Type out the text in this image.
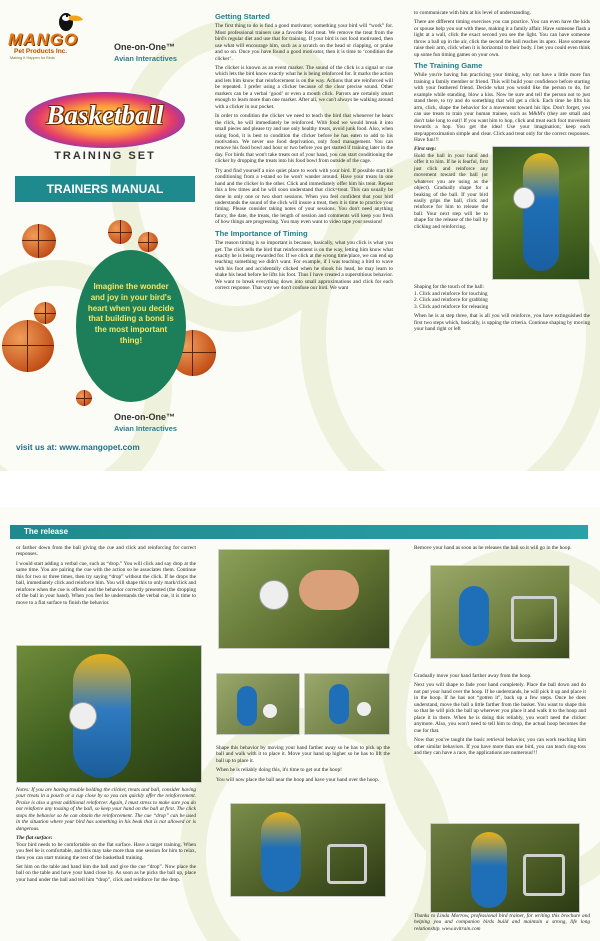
MANGO
Pet Products Inc.
Making It Happen for Birds
One-on-One™
Avian Interactives
Basketball
TRAINING SET
TRAINERS MANUAL
Imagine the wonder and joy in your bird's heart when you decide that building a bond is the most important thing!
One-on-One™
Avian Interactives
visit us at: www.mangopet.com
Getting Started

The first thing to do is find a good motivator; something your bird will “work” for. Most professional trainers use a favorite food treat. We remove the treat from the bird's regular diet and use that for training. If your bird is not food motivated, then use what will encourage him, such as a scratch on the head or clapping, or praise and so on. Once you have found a good motivator, then it is time to ‘condition the clicker’.

The clicker is known as an event marker. The sound of the click is a signal or cue which lets the bird know exactly what he is being reinforced for. It marks the action and lets him know that reinforcement is on the way. Actions that are reinforced will be repeated. I prefer using a clicker because of the clear precise sound. Other markers can be a verbal ‘good’ or even a mouth click. Parrots are certainly smart enough to learn more than one marker. After all, we can't always be walking around with a clicker in our pocket.

In order to condition the clicker we need to teach the bird that whenever he hears the click, he will immediately be reinforced. With food we would break it into small pieces and please try and use only healthy treats, avoid junk food. Also, when using food, it is best to condition the clicker before he has eaten to add to his motivation. We never use food deprivation, only food management. You can remove his food bowl and hour or two before you get started if training later in the day. For birds that won't take treats out of your hand, you can start conditioning the clicker by dropping the treats into his food bowl from outside of the cage.

Try and find yourself a nice quiet place to work with your bird. If possible start his conditioning from a t-stand so he won't wander around. Have your treats in one hand and the clicker in the other. Click and immediately offer him his treat. Repeat this a few times and he will soon understand that click=treat. This can usually be done in only one or two short sessions. When you feel confident that your bird understands the sound of the click will insure a treat, then it is time to practice your timing. Please consider taking notes of your sessions. You don't need anything fancy, the date, the treats, the length of session and comments will keep you fresh of how things are progressing. You may even want to video tape your sessions!

The Importance of Timing

The reason timing is so important is because, basically, what you click is what you get. The click tells the bird that reinforcement is on the way, letting him know what exactly he is being rewarded for. If we click at the wrong time/place, we can end up teaching something we didn't want. For example, if I was teaching a bird to wave with his foot and accidentally clicked when he shook his head, he may learn to shake his head before he lifts his foot. Thus I have created a superstitious behavior. We want to break everything down into small approximations and click for each correct response. That way we don't confuse our bird. We want

to communicate with him at his level of understanding.

There are different timing exercises you can practice. You can even have the kids or spouse help you out with these, making it a family affair. Have someone flash a light at a wall, click the exact second you see the light. You can have someone throw a ball up in the air, click the second the ball reaches its apex. Have someone raise their arm, click when it is horizontal to their body. I bet you could even think up some fun timing games on your own.

The Training Game

While you're having fun practicing your timing, why not have a little more fun training a family member or friend. This will build your confidence before starting with your feathered friend. Decide what you would like the person to do, for example while standing, blow a kiss. Now be sure and tell the person not to just stand there, to try and do something that will get a click. Each time he lifts his arm, click, shape the behavior for a movement toward his lips. Don't forget, you can use treats to train your human trainee, such as M&M's (they are small and don't take long to eat)! If you want him to hop, click and treat each foot movement towards a hop. You get the idea! Use your imagination; keep each step/approximation simple and clear. Click and treat only for the correct responses. Have fun!!!

First step:

Hold the ball in your hand and offer it to him. If he is fearful, first just click and reinforce any movement toward the ball (or whatever you are using as the object). Gradually shape for a beaking of the ball. If your bird easily grips the ball, click and reinforce for him to release the ball. Your next step will be to shape for the release of the ball by clicking and reinforcing.

Shaping for the touch of the ball:

1. Click and reinforce for touching
2. Click and reinforce for grabbing
3. Click and reinforce for releasing

When he is at step three, that is all you will reinforce, you have extinguished the first two steps which, basically, is upping the criteria. Continue shaping by moving your hand right or left

The release

or farther down from the ball giving the cue and click and reinforcing for correct responses.

I would start adding a verbal cue, such as “drop.” You will click and say drop at the same time. You are pairing the cue with the action so he associates them. Continue this for two or three times, then try saying “drop” without the click. If he drops the ball, immediately click and reinforce him. You will shape this to only mark/click and reinforce when the cue is offered and the behavior correctly presented (the dropping of the ball in your hand). When you feel he understands the verbal cue, it is time to move to a flat surface to finish the behavior.

Notes: If you are having trouble holding the clicker, treats and ball, consider having your treats in a pouch or a cup close by so you can quickly offer the reinforcement. Praise is also a great additional reinforcer. Again, I must stress to make sure you do not reinforce any tossing of the ball, so keep your hand on the ball at first. The click stops the behavior so he can obtain the reinforcement. The cue “drop” can be used in the situation where your bird has something in his beak that is not allowed or is dangerous.

The flat surface:

Your bird needs to be comfortable on the flat surface. Have a target training. When you feel he is comfortable, and this may take more than one session for him to relax, then you can start training the rest of the basketball training.

Set him on the table and hand him the ball and give the cue “drop”. Now place the ball on the table and have your hand close by. As soon as he picks the ball up, place your hand under the ball and tell him “drop”, click and reinforce for the drop.

Shape this behavior by moving your hand farther away so he has to pick up the ball and walk with it to place it. Move your hand up higher so he has to lift the ball up to place it.

When he is reliably doing this, it's time to get out the hoop!

You will now place the ball near the hoop and have your hand over the hoop.

Remove your hand as soon as he releases the ball so it will go in the hoop.

Gradually move your hand farther away from the hoop.

Next you will shape to fade your hand completely. Place the ball down and do not put your hand over the hoop. If he understands, he will pick it up and place it in the hoop. If he has not “gotten it”, back up a few steps. Once he does understand, move the ball a little farther from the basket. You want to shape this so that he will pick the ball up wherever you place it and walk it to the hoop and place it in there. When he is doing this reliably, you won't need the clicker anymore. Also, you won't need to tell him to drop, the actual hoop becomes the cue for that.

Now that you've taught the basic retrieval behavior, you can work teaching him other similar behaviors. If you have more than one bird, you can teach ring-toss and they can have a race, the applications are numerous!!!

Thanks to Linda Morrow, professional bird trainer, for writing this brochure and helping you and companion birds build and maintain a strong, life long relationship. www.avitrain.com
